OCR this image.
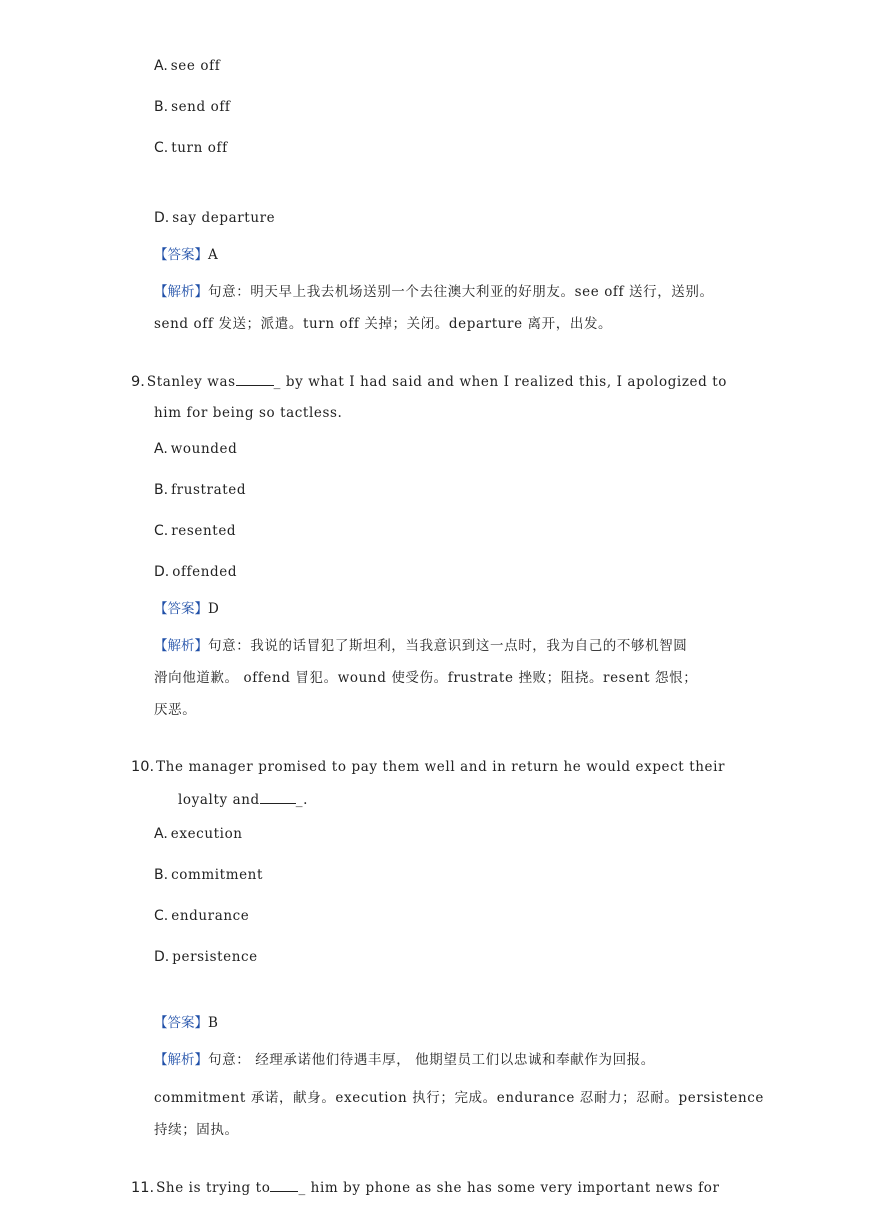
A. see off
B. send off
C. turn off
D. say departure
【答案】A
【解析】句意：明天早上我去机场送别一个去往澳大利亚的好朋友。see off 送行，送别。
send off 发送；派遣。turn off 关掉；关闭。departure 离开，出发。
9. Stanley was	_ by what I had said and when I realized this, I apologized to
him for being so tactless.
A. wounded
B. frustrated
C. resented
D. offended
【答案】D
【解析】句意：我说的话冒犯了斯坦利，当我意识到这一点时，我为自己的不够机智圆
滑向他道歉。 offend 冒犯。wound 使受伤。frustrate 挫败；阻挠。resent 怨恨；
厌恶。
10. The manager promised to pay them well and in return he would expect their
loyalty and	_.
A. execution
B. commitment
C. endurance
D. persistence
【答案】B
【解析】句意： 经理承诺他们待遇丰厚， 他期望员工们以忠诚和奉献作为回报。
commitment 承诺，献身。execution 执行；完成。endurance 忍耐力；忍耐。persistence
持续；固执。
11. She is trying to _ him by phone as she has some very important news for
